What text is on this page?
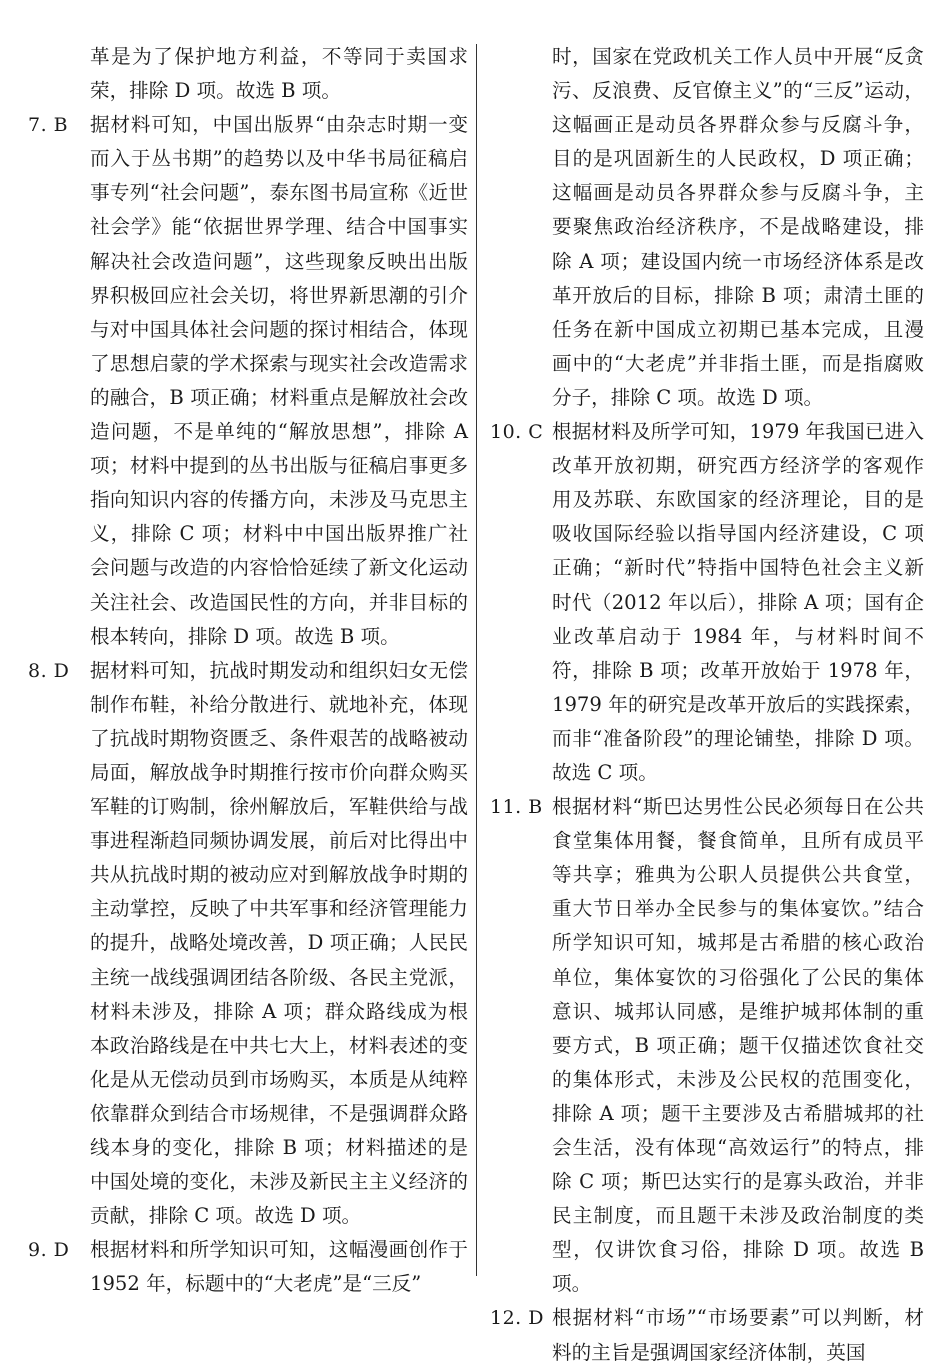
革是为了保护地方利益，不等同于卖国求荣，排除 D 项。故选 B 项。
7. B 据材料可知，中国出版界“由杂志时期一变而入于丛书期”的趋势以及中华书局征稿启事专列“社会问题”，泰东图书局宣称《近世社会学》能“依据世界学理、结合中国事实解决社会改造问题”，这些现象反映出出版界积极回应社会关切，将世界新思潮的引介与对中国具体社会问题的探讨相结合，体现了思想启蒙的学术探索与现实社会改造需求的融合，B 项正确；材料重点是解放社会改造问题，不是单纯的“解放思想”，排除 A 项；材料中提到的丛书出版与征稿启事更多指向知识内容的传播方向，未涉及马克思主义，排除 C 项；材料中中国出版界推广社会问题与改造的内容恰恰延续了新文化运动关注社会、改造国民性的方向，并非目标的根本转向，排除 D 项。故选 B 项。
8. D 据材料可知，抗战时期发动和组织妇女无偿制作布鞋，补给分散进行、就地补充，体现了抗战时期物资匮乏、条件艰苦的战略被动局面，解放战争时期推行按市价向群众购买军鞋的订购制，徐州解放后，军鞋供给与战事进程渐趋同频协调发展，前后对比得出中共从抗战时期的被动应对到解放战争时期的主动掌控，反映了中共军事和经济管理能力的提升，战略处境改善，D 项正确；人民民主统一战线强调团结各阶级、各民主党派，材料未涉及，排除 A 项；群众路线成为根本政治路线是在中共七大上，材料表述的变化是从无偿动员到市场购买，本质是从纯粹依靠群众到结合市场规律，不是强调群众路线本身的变化，排除 B 项；材料描述的是中国处境的变化，未涉及新民主主义经济的贡献，排除 C 项。故选 D 项。
9. D 根据材料和所学知识可知，这幅漫画创作于 1952 年，标题中的“大老虎”是“三反”
时，国家在党政机关工作人员中开展“反贪污、反浪费、反官僚主义”的“三反”运动，这幅画正是动员各界群众参与反腐斗争，目的是巩固新生的人民政权，D 项正确；这幅画是动员各界群众参与反腐斗争，主要聚焦政治经济秩序，不是战略建设，排除 A 项；建设国内统一市场经济体系是改革开放后的目标，排除 B 项；肃清土匪的任务在新中国成立初期已基本完成，且漫画中的“大老虎”并非指土匪，而是指腐败分子，排除 C 项。故选 D 项。
10. C 根据材料及所学可知，1979 年我国已进入改革开放初期，研究西方经济学的客观作用及苏联、东欧国家的经济理论，目的是吸收国际经验以指导国内经济建设，C 项正确；“新时代”特指中国特色社会主义新时代（2012 年以后），排除 A 项；国有企业改革启动于 1984 年，与材料时间不符，排除 B 项；改革开放始于 1978 年，1979 年的研究是改革开放后的实践探索，而非“准备阶段”的理论铺垫，排除 D 项。故选 C 项。
11. B 根据材料“斯巴达男性公民必须每日在公共食堂集体用餐，餐食简单，且所有成员平等共享；雅典为公职人员提供公共食堂，重大节日举办全民参与的集体宴饮。”结合所学知识可知，城邦是古希腊的核心政治单位，集体宴饮的习俗强化了公民的集体意识、城邦认同感，是维护城邦体制的重要方式，B 项正确；题干仅描述饮食社交的集体形式，未涉及公民权的范围变化，排除 A 项；题干主要涉及古希腊城邦的社会生活，没有体现“高效运行”的特点，排除 C 项；斯巴达实行的是寡头政治，并非民主制度，而且题干未涉及政治制度的类型，仅讲饮食习俗，排除 D 项。故选 B 项。
12. D 根据材料“市场”“市场要素”可以判断，材料的主旨是强调国家经济体制，英国
